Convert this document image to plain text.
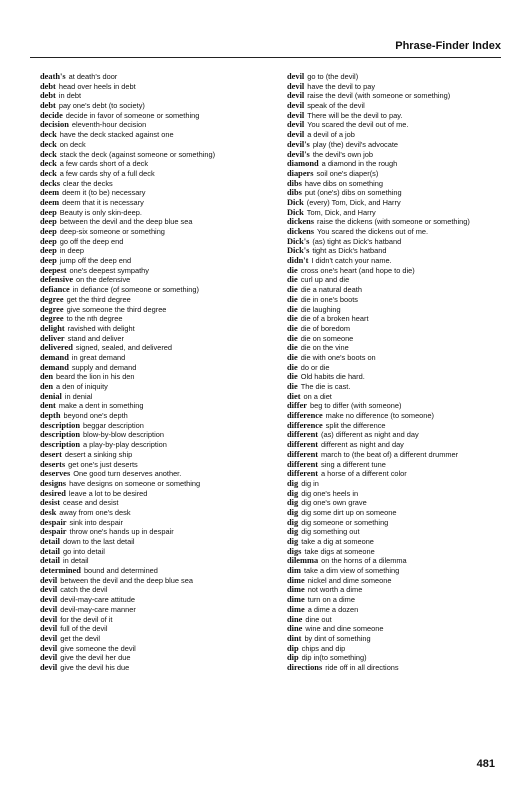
Phrase-Finder Index
death's at death's door
debt head over heels in debt
debt in debt
debt pay one's debt (to society)
decide decide in favor of someone or something
decision eleventh-hour decision
deck have the deck stacked against one
deck on deck
deck stack the deck (against someone or something)
deck a few cards short of a deck
deck a few cards shy of a full deck
decks clear the decks
deem deem it (to be) necessary
deem deem that it is necessary
deep Beauty is only skin-deep.
deep between the devil and the deep blue sea
deep deep-six someone or something
deep go off the deep end
deep in deep
deep jump off the deep end
deepest one's deepest sympathy
defensive on the defensive
defiance in defiance (of someone or something)
degree get the third degree
degree give someone the third degree
degree to the nth degree
delight ravished with delight
deliver stand and deliver
delivered signed, sealed, and delivered
demand in great demand
demand supply and demand
den beard the lion in his den
den a den of iniquity
denial in denial
dent make a dent in something
depth beyond one's depth
description beggar description
description blow-by-blow description
description a play-by-play description
desert desert a sinking ship
deserts get one's just deserts
deserves One good turn deserves another.
designs have designs on someone or something
desired leave a lot to be desired
desist cease and desist
desk away from one's desk
despair sink into despair
despair throw one's hands up in despair
detail down to the last detail
detail go into detail
detail in detail
determined bound and determined
devil between the devil and the deep blue sea
devil catch the devil
devil devil-may-care attitude
devil devil-may-care manner
devil for the devil of it
devil full of the devil
devil get the devil
devil give someone the devil
devil give the devil her due
devil give the devil his due
devil go to (the devil)
devil have the devil to pay
devil raise the devil (with someone or something)
devil speak of the devil
devil There will be the devil to pay.
devil You scared the devil out of me.
devil a devil of a job
devil's play (the) devil's advocate
devil's the devil's own job
diamond a diamond in the rough
diapers soil one's diaper(s)
dibs have dibs on something
dibs put (one's) dibs on something
Dick (every) Tom, Dick, and Harry
Dick Tom, Dick, and Harry
dickens raise the dickens (with someone or something)
dickens You scared the dickens out of me.
Dick's (as) tight as Dick's hatband
Dick's tight as Dick's hatband
didn't I didn't catch your name.
die cross one's heart (and hope to die)
die curl up and die
die die a natural death
die die in one's boots
die die laughing
die die of a broken heart
die die of boredom
die die on someone
die die on the vine
die die with one's boots on
die do or die
die Old habits die hard.
die The die is cast.
diet on a diet
differ beg to differ (with someone)
difference make no difference (to someone)
difference split the difference
different (as) different as night and day
different different as night and day
different march to (the beat of) a different drummer
different sing a different tune
different a horse of a different color
dig dig in
dig dig one's heels in
dig dig one's own grave
dig dig some dirt up on someone
dig dig someone or something
dig dig something out
dig take a dig at someone
digs take digs at someone
dilemma on the horns of a dilemma
dim take a dim view of something
dime nickel and dime someone
dime not worth a dime
dime turn on a dime
dime a dime a dozen
dine dine out
dine wine and dine someone
dint by dint of something
dip chips and dip
dip dip in(to something)
directions ride off in all directions
481
